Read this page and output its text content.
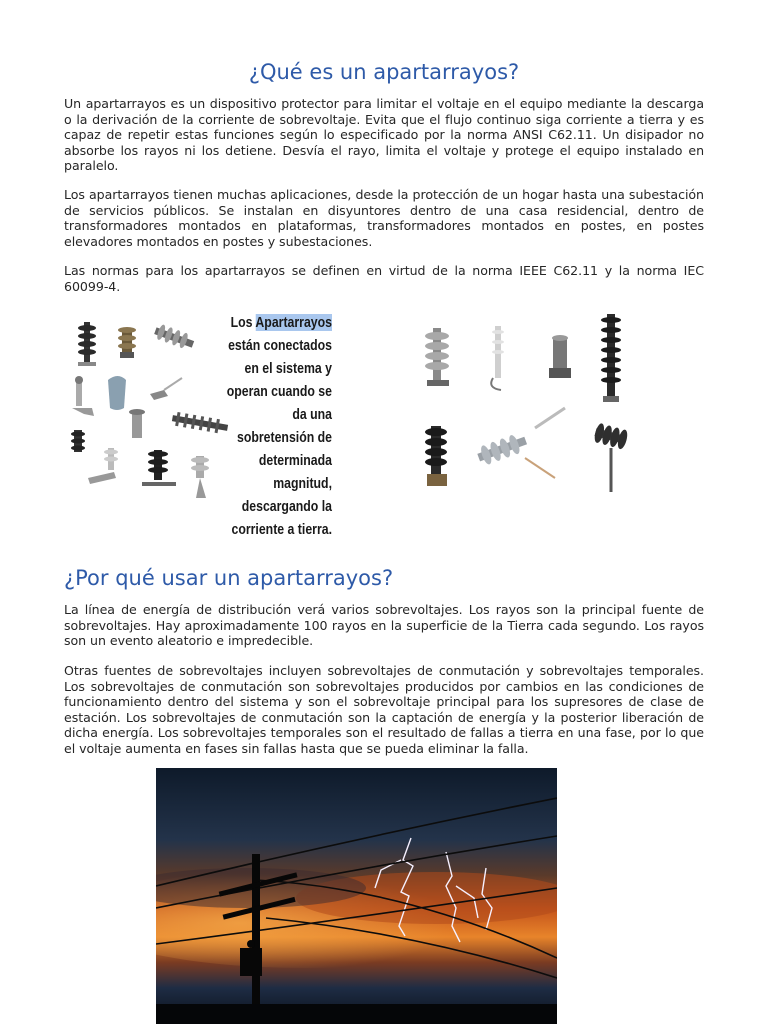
¿Qué es un apartarrayos?

Un apartarrayos es un dispositivo protector para limitar el voltaje en el equipo mediante la descarga o la derivación de la corriente de sobrevoltaje. Evita que el flujo continuo siga corriente a tierra y es capaz de repetir estas funciones según lo especificado por la norma ANSI C62.11. Un disipador no absorbe los rayos ni los detiene. Desvía el rayo, limita el voltaje y protege el equipo instalado en paralelo.

Los apartarrayos tienen muchas aplicaciones, desde la protección de un hogar hasta una subestación de servicios públicos. Se instalan en disyuntores dentro de una casa residencial, dentro de transformadores montados en plataformas, transformadores montados en postes, en postes elevadores montados en postes y subestaciones.

Las normas para los apartarrayos se definen en virtud de la norma IEEE C62.11 y la norma IEC 60099-4.

Los Apartarrayos están conectados en el sistema y operan cuando se da una sobretensión de determinada magnitud, descargando la corriente a tierra.
¿Por qué usar un apartarrayos?

La línea de energía de distribución verá varios sobrevoltajes. Los rayos son la principal fuente de sobrevoltajes. Hay aproximadamente 100 rayos en la superficie de la Tierra cada segundo. Los rayos son un evento aleatorio e impredecible.

Otras fuentes de sobrevoltajes incluyen sobrevoltajes de conmutación y sobrevoltajes temporales. Los sobrevoltajes de conmutación son sobrevoltajes producidos por cambios en las condiciones de funcionamiento dentro del sistema y son el sobrevoltaje principal para los supresores de clase de estación. Los sobrevoltajes de conmutación son la captación de energía y la posterior liberación de dicha energía. Los sobrevoltajes temporales son el resultado de fallas a tierra en una fase, por lo que el voltaje aumenta en fases sin fallas hasta que se pueda eliminar la falla.
